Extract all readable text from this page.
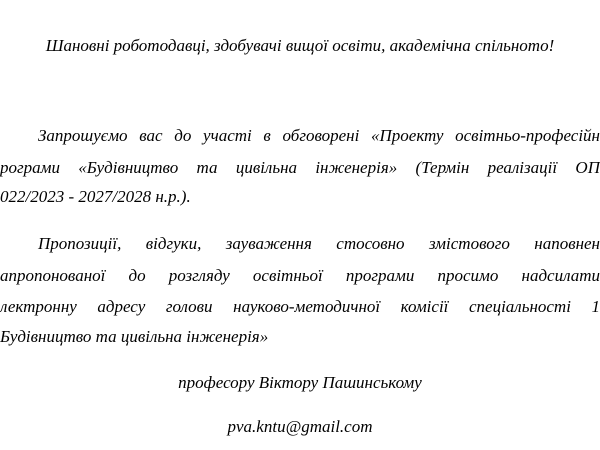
Шановні роботодавці, здобувачі вищої освіти, академічна спільното!
Запрошуємо вас до участі в обговорені «Проекту освітньо-професійн
рограми «Будівництво та цивільна інженерія» (Термін реалізації ОП
022/2023 - 2027/2028 н.р.).
Пропозиції, відгуки, зауваження стосовно змістового наповнен
апропонованої до розгляду освітньої програми просимо надсилати
лектронну адресу голови науково-методичної комісії спеціальності 1
Будівництво та цивільна інженерія»
професору Віктору Пашинському
pva.kntu@gmail.com
